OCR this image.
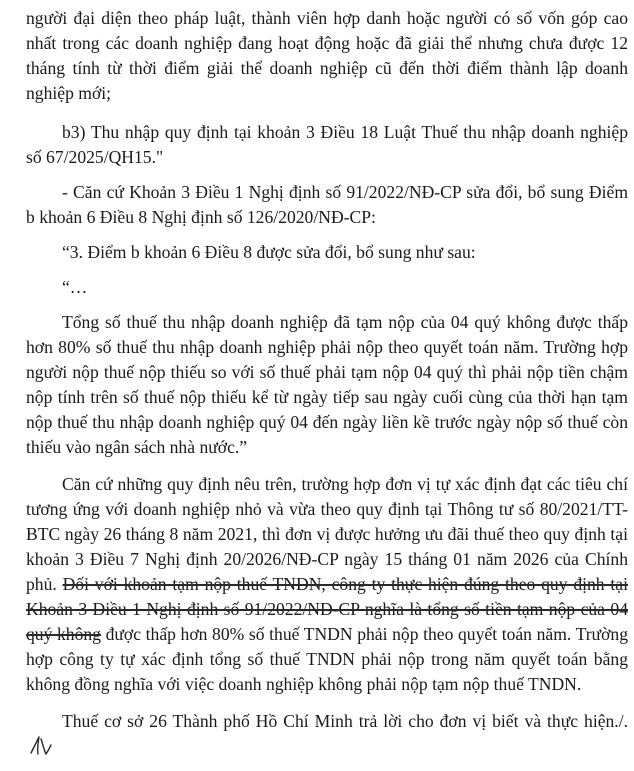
người đại diện theo pháp luật, thành viên hợp danh hoặc người có số vốn góp cao nhất trong các doanh nghiệp đang hoạt động hoặc đã giải thể nhưng chưa được 12 tháng tính từ thời điểm giải thể doanh nghiệp cũ đến thời điểm thành lập doanh nghiệp mới;

b3) Thu nhập quy định tại khoản 3 Điều 18 Luật Thuế thu nhập doanh nghiệp số 67/2025/QH15."

- Căn cứ Khoản 3 Điều 1 Nghị định số 91/2022/NĐ-CP sửa đổi, bổ sung Điểm b khoản 6 Điều 8 Nghị định số 126/2020/NĐ-CP:

“3. Điểm b khoản 6 Điều 8 được sửa đổi, bổ sung như sau:

“…

Tổng số thuế thu nhập doanh nghiệp đã tạm nộp của 04 quý không được thấp hơn 80% số thuế thu nhập doanh nghiệp phải nộp theo quyết toán năm. Trường hợp người nộp thuế nộp thiếu so với số thuế phải tạm nộp 04 quý thì phải nộp tiền chậm nộp tính trên số thuế nộp thiếu kể từ ngày tiếp sau ngày cuối cùng của thời hạn tạm nộp thuế thu nhập doanh nghiệp quý 04 đến ngày liền kề trước ngày nộp số thuế còn thiếu vào ngân sách nhà nước.”

Căn cứ những quy định nêu trên, trường hợp đơn vị tự xác định đạt các tiêu chí tương ứng với doanh nghiệp nhỏ và vừa theo quy định tại Thông tư số 80/2021/TT-BTC ngày 26 tháng 8 năm 2021, thì đơn vị được hưởng ưu đãi thuế theo quy định tại khoản 3 Điều 7 Nghị định 20/2026/NĐ-CP ngày 15 tháng 01 năm 2026 của Chính phủ. Đối với khoản tạm nộp thuế TNDN, công ty thực hiện đúng theo quy định tại Khoản 3 Điều 1 Nghị định số 91/2022/NĐ-CP nghĩa là tổng số tiền tạm nộp của 04 quý không được thấp hơn 80% số thuế TNDN phải nộp theo quyết toán năm. Trường hợp công ty tự xác định tổng số thuế TNDN phải nộp trong năm quyết toán bằng không đồng nghĩa với việc doanh nghiệp không phải nộp tạm nộp thuế TNDN.

Thuế cơ sở 26 Thành phố Hồ Chí Minh trả lời cho đơn vị biết và thực hiện./.
